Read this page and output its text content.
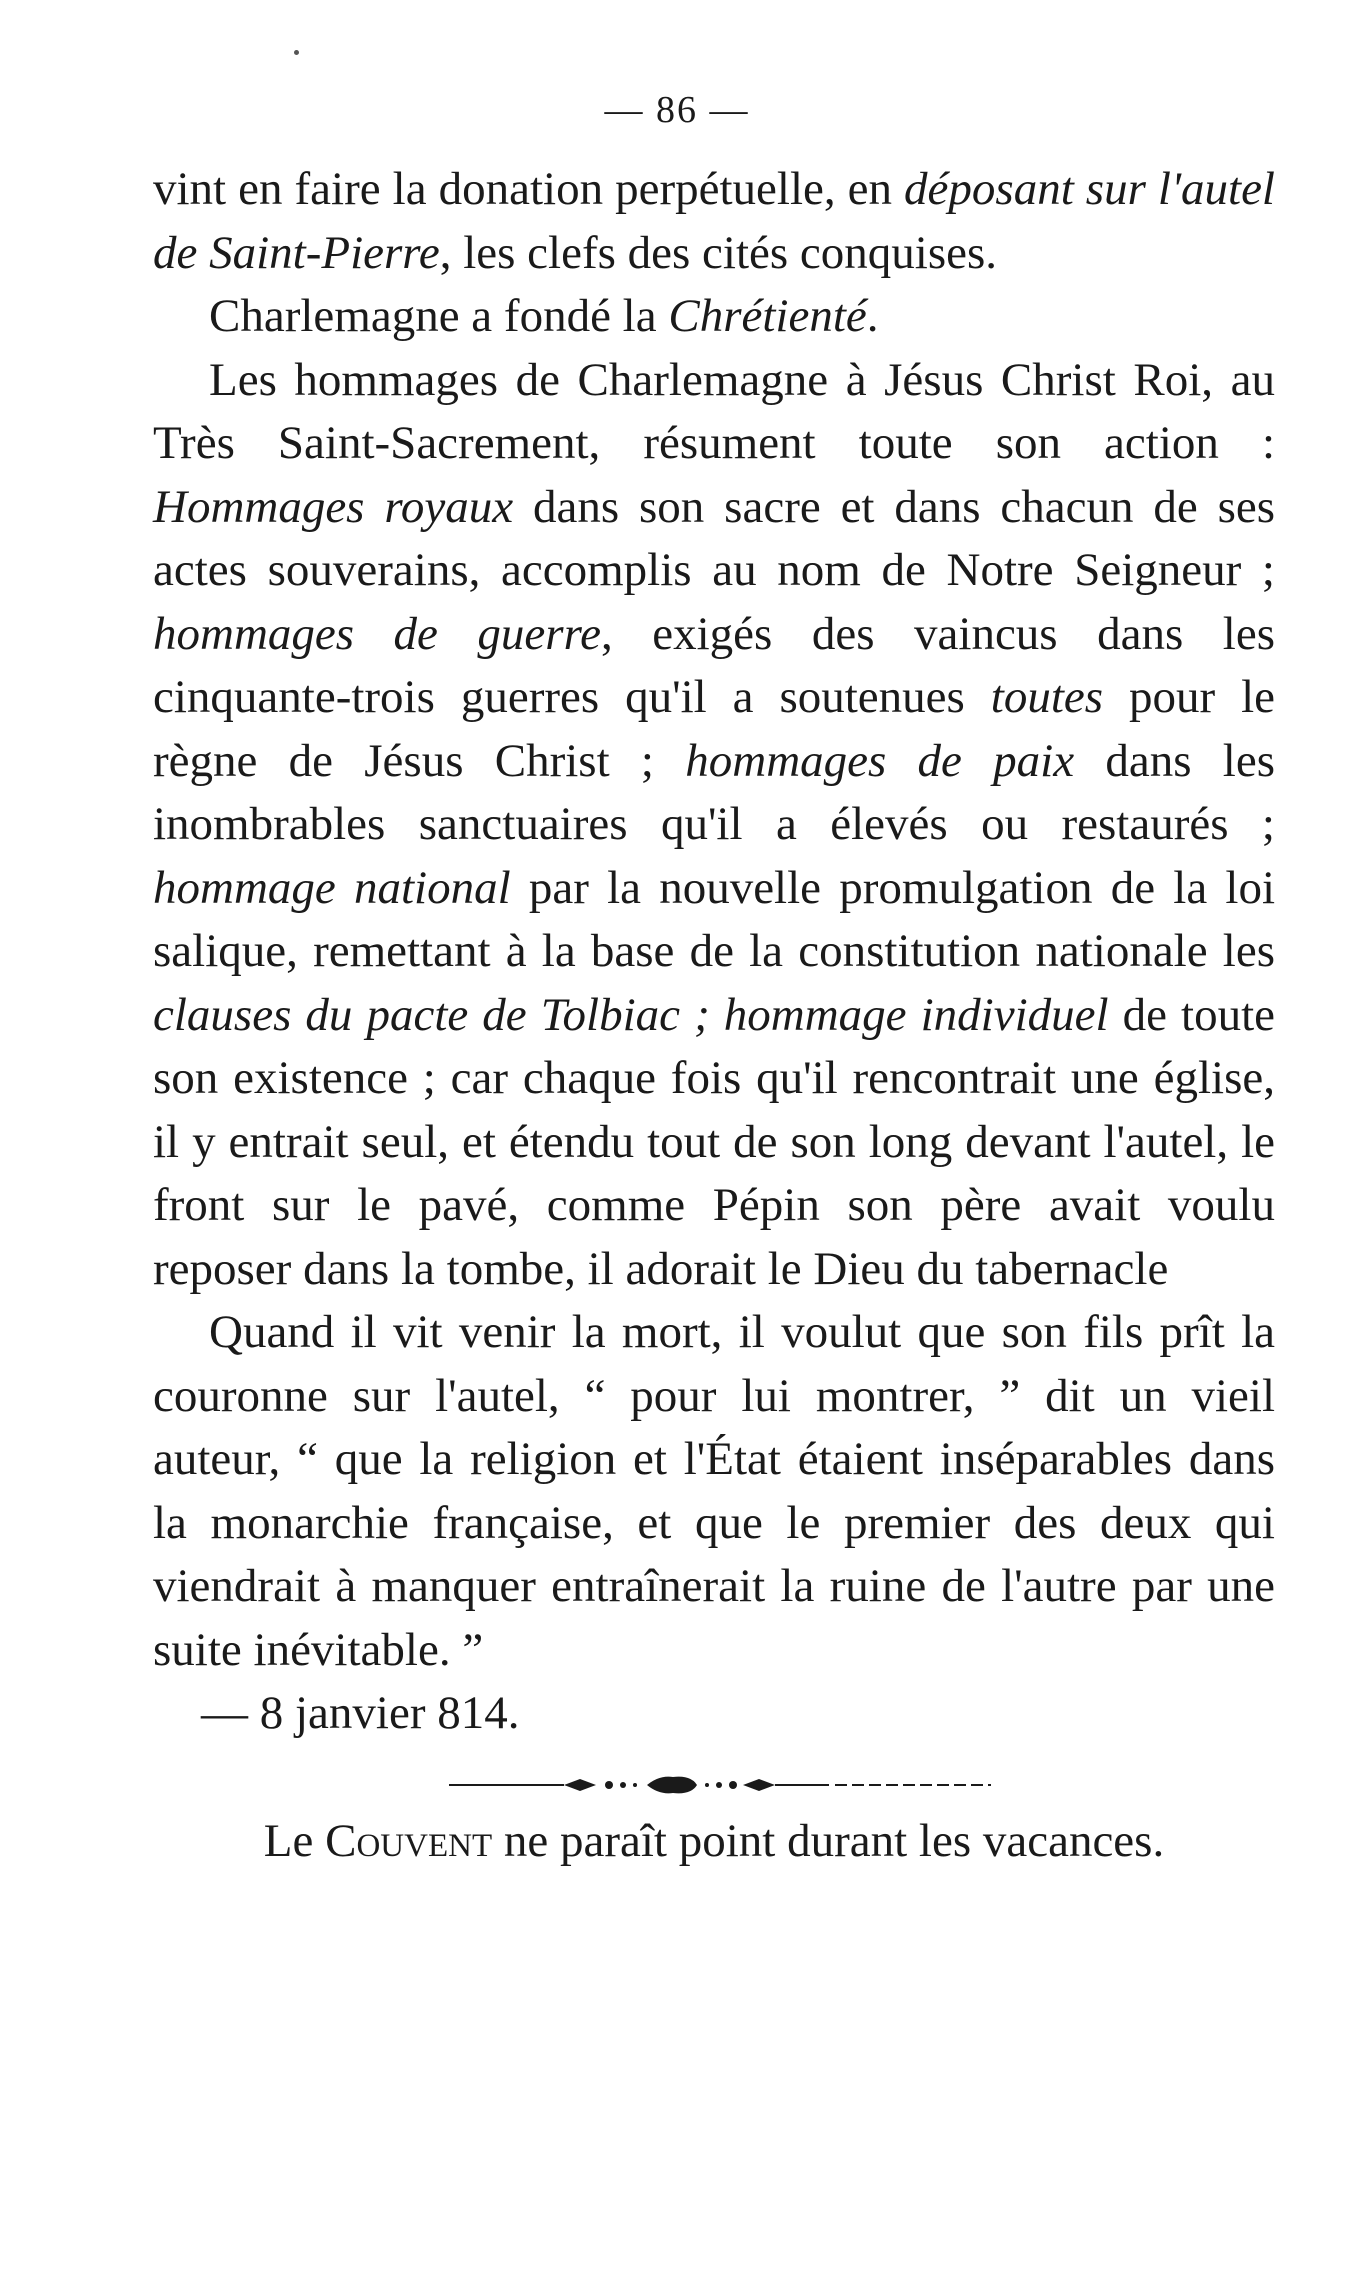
— 86 —

vint en faire la donation perpétuelle, en déposant sur l'autel de Saint-Pierre, les clefs des cités conquises.

Charlemagne a fondé la Chrétienté.

Les hommages de Charlemagne à Jésus Christ Roi, au Très Saint-Sacrement, résument toute son action : Hommages royaux dans son sacre et dans chacun de ses actes souverains, accomplis au nom de Notre Seigneur ; hommages de guerre, exigés des vaincus dans les cinquante-trois guerres qu'il a soutenues toutes pour le règne de Jésus Christ ; hommages de paix dans les inombrables sanctuaires qu'il a élevés ou restaurés ; hommage national par la nouvelle promulgation de la loi salique, remettant à la base de la constitution nationale les clauses du pacte de Tolbiac ; hommage individuel de toute son existence ; car chaque fois qu'il rencontrait une église, il y entrait seul, et étendu tout de son long devant l'autel, le front sur le pavé, comme Pépin son père avait voulu reposer dans la tombe, il adorait le Dieu du tabernacle

Quand il vit venir la mort, il voulut que son fils prît la couronne sur l'autel, “ pour lui montrer, ” dit un vieil auteur, “ que la religion et l'État étaient inséparables dans la monarchie française, et que le premier des deux qui viendrait à manquer entraînerait la ruine de l'autre par une suite inévitable. ”

— 8 janvier 814.

Le Couvent ne paraît point durant les vacances.
